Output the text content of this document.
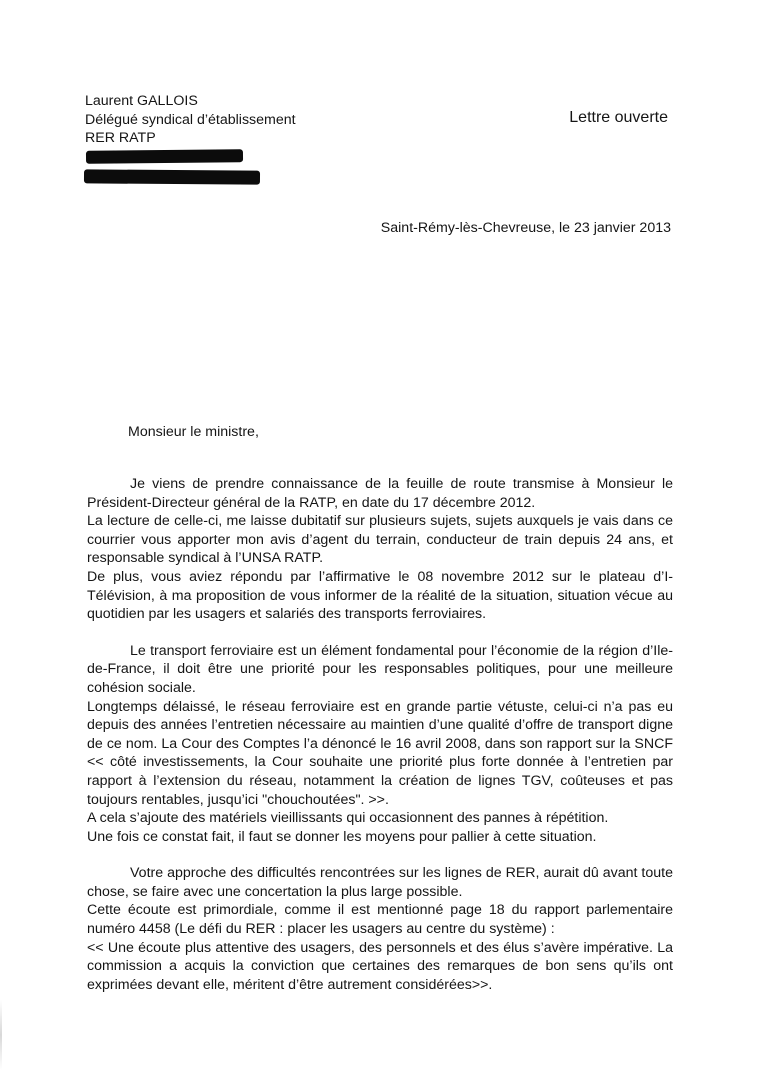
Laurent GALLOIS
Délégué syndical d’établissement
RER RATP
Lettre ouverte
Saint-Rémy-lès-Chevreuse, le 23 janvier 2013
Monsieur le ministre,

Je viens de prendre connaissance de la feuille de route transmise à Monsieur le Président-Directeur général de la RATP, en date du 17 décembre 2012.

La lecture de celle-ci, me laisse dubitatif sur plusieurs sujets, sujets auxquels je vais dans ce courrier vous apporter mon avis d’agent du terrain, conducteur de train depuis 24 ans, et responsable syndical à l’UNSA RATP.

De plus, vous aviez répondu par l’affirmative le 08 novembre 2012 sur le plateau d’I-Télévision, à ma proposition de vous informer de la réalité de la situation, situation vécue au quotidien par les usagers et salariés des transports ferroviaires.

Le transport ferroviaire est un élément fondamental pour l’économie de la région d’Ile-de-France, il doit être une priorité pour les responsables politiques, pour une meilleure cohésion sociale.

Longtemps délaissé, le réseau ferroviaire est en grande partie vétuste, celui-ci n’a pas eu depuis des années l’entretien nécessaire au maintien d’une qualité d’offre de transport digne de ce nom. La Cour des Comptes l’a dénoncé le 16 avril 2008, dans son rapport sur la SNCF << côté investissements, la Cour souhaite une priorité plus forte donnée à l’entretien par rapport à l’extension du réseau, notamment la création de lignes TGV, coûteuses et pas toujours rentables, jusqu’ici "chouchoutées". >>.

A cela s’ajoute des matériels vieillissants qui occasionnent des pannes à répétition.

Une fois ce constat fait, il faut se donner les moyens pour pallier à cette situation.

Votre approche des difficultés rencontrées sur les lignes de RER, aurait dû avant toute chose, se faire avec une concertation la plus large possible.

Cette écoute est primordiale, comme il est mentionné page 18 du rapport parlementaire numéro 4458 (Le défi du RER : placer les usagers au centre du système) :

<< Une écoute plus attentive des usagers, des personnels et des élus s’avère impérative. La commission a acquis la conviction que certaines des remarques de bon sens qu’ils ont exprimées devant elle, méritent d’être autrement considérées>>.
